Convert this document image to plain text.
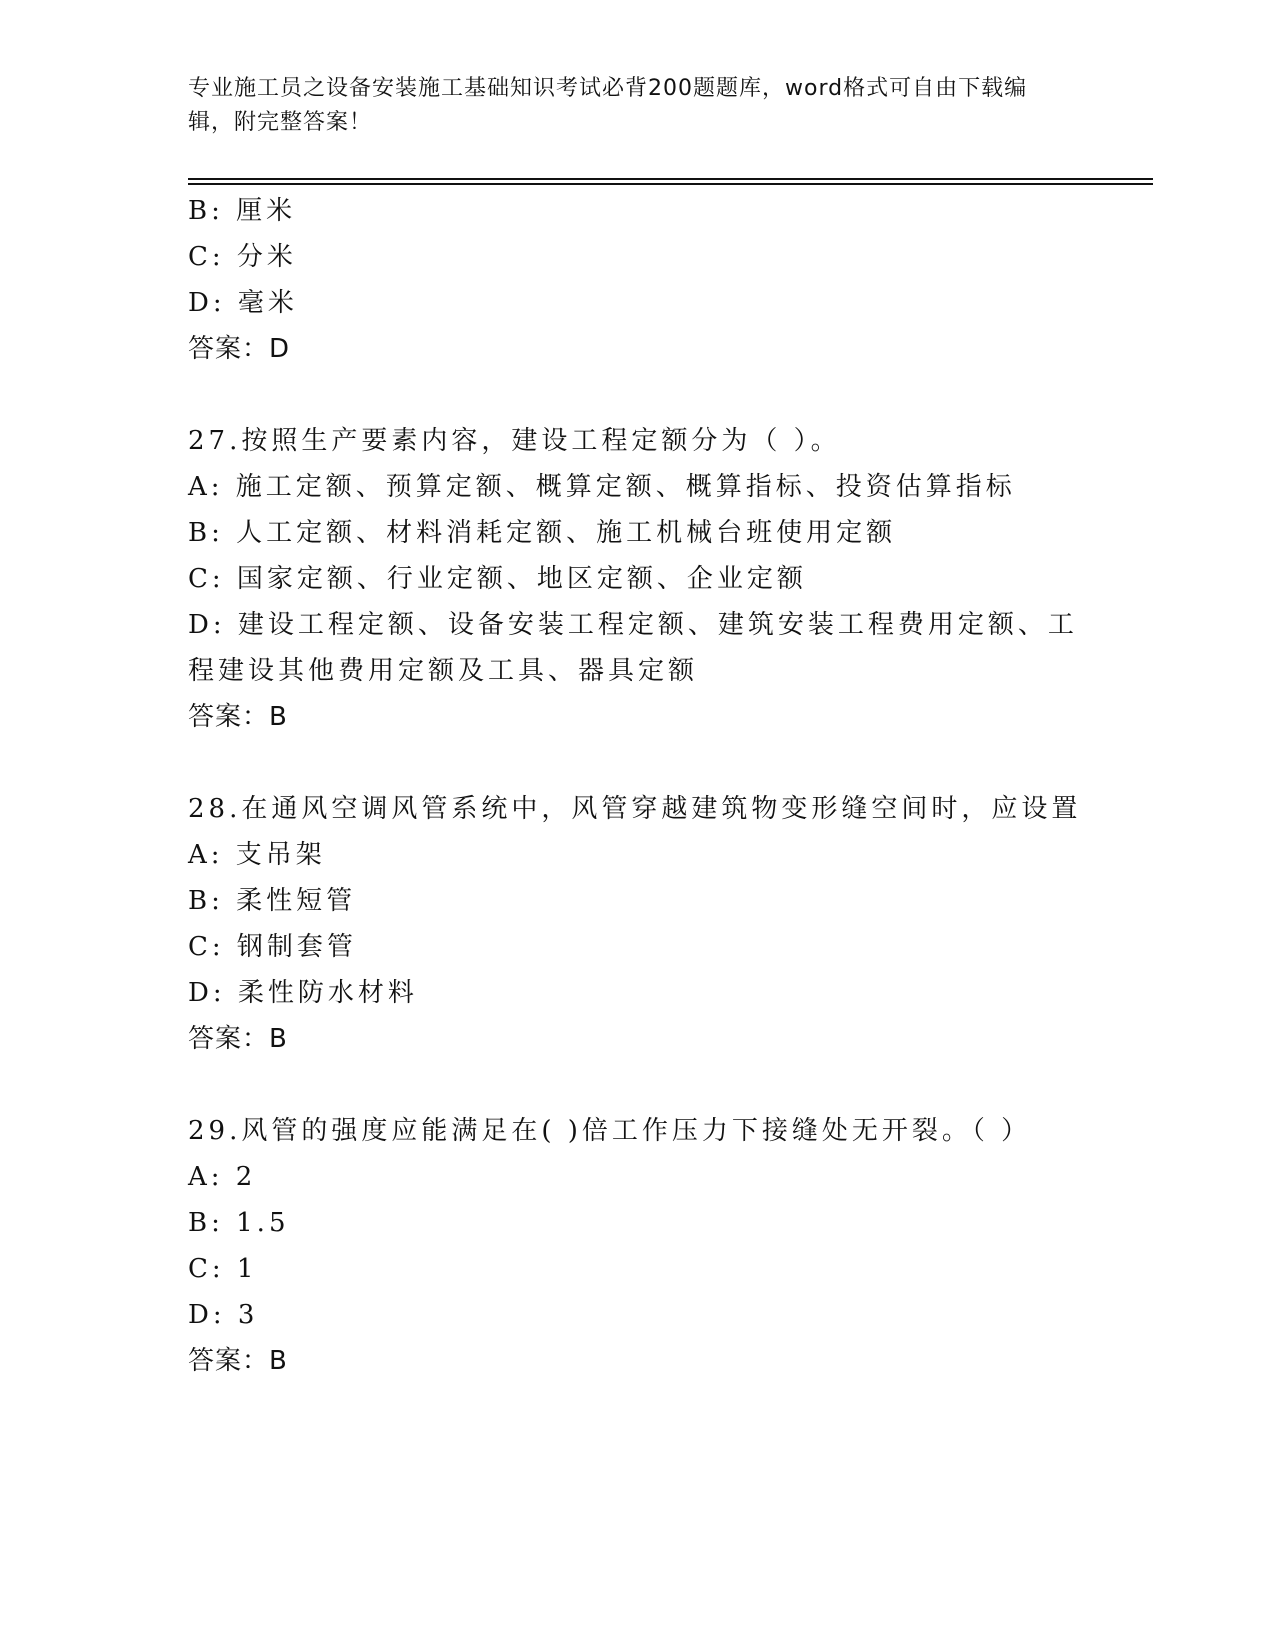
专业施工员之设备安装施工基础知识考试必背200题题库，word格式可自由下载编辑，附完整答案！
B: 厘米
C: 分米
D: 毫米
答案：D
27.按照生产要素内容，建设工程定额分为（ ）。
A: 施工定额、预算定额、概算定额、概算指标、投资估算指标
B: 人工定额、材料消耗定额、施工机械台班使用定额
C: 国家定额、行业定额、地区定额、企业定额
D: 建设工程定额、设备安装工程定额、建筑安装工程费用定额、工程建设其他费用定额及工具、器具定额
答案：B
28.在通风空调风管系统中，风管穿越建筑物变形缝空间时，应设置
A: 支吊架
B: 柔性短管
C: 钢制套管
D: 柔性防水材料
答案：B
29.风管的强度应能满足在( )倍工作压力下接缝处无开裂。（ ）
A: 2
B: 1.5
C: 1
D: 3
答案：B
